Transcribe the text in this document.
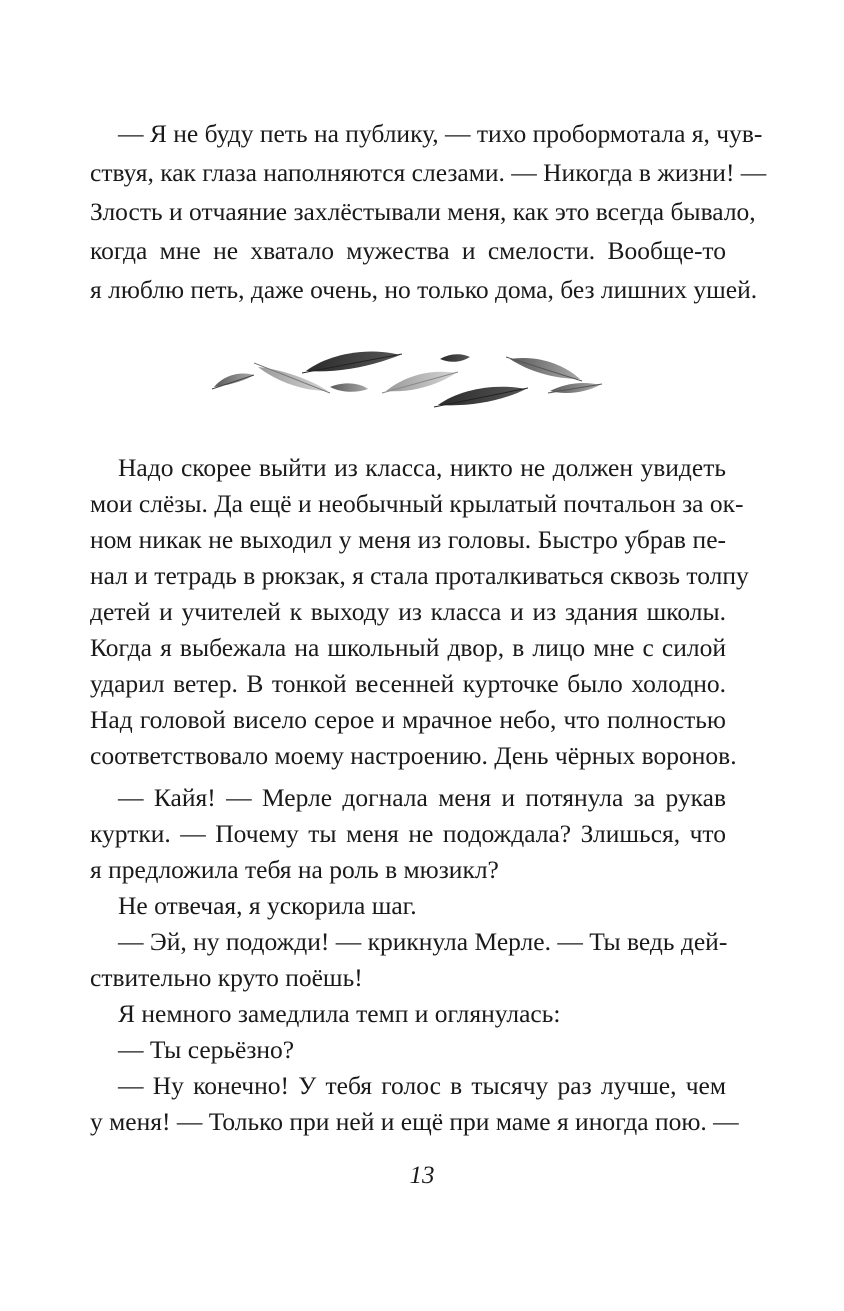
— Я не буду петь на публику, — тихо пробормотала я, чув-
ствуя, как глаза наполняются слезами. — Никогда в жизни! —
Злость и отчаяние захлёстывали меня, как это всегда бывало,
когда мне не хватало мужества и смелости. Вообще-то
я люблю петь, даже очень, но только дома, без лишних ушей.
Надо скорее выйти из класса, никто не должен увидеть
мои слёзы. Да ещё и необычный крылатый почтальон за ок-
ном никак не выходил у меня из головы. Быстро убрав пе-
нал и тетрадь в рюкзак, я стала проталкиваться сквозь толпу
детей и учителей к выходу из класса и из здания школы.
Когда я выбежала на школьный двор, в лицо мне с силой
ударил ветер. В тонкой весенней курточке было холодно.
Над головой висело серое и мрачное небо, что полностью
соответствовало моему настроению. День чёрных воронов.
— Кайя! — Мерле догнала меня и потянула за рукав
куртки. — Почему ты меня не подождала? Злишься, что
я предложила тебя на роль в мюзикл?
Не отвечая, я ускорила шаг.
— Эй, ну подожди! — крикнула Мерле. — Ты ведь дей-
ствительно круто поёшь!
Я немного замедлила темп и оглянулась:
— Ты серьёзно?
— Ну конечно! У тебя голос в тысячу раз лучше, чем
у меня! — Только при ней и ещё при маме я иногда пою. —
13
